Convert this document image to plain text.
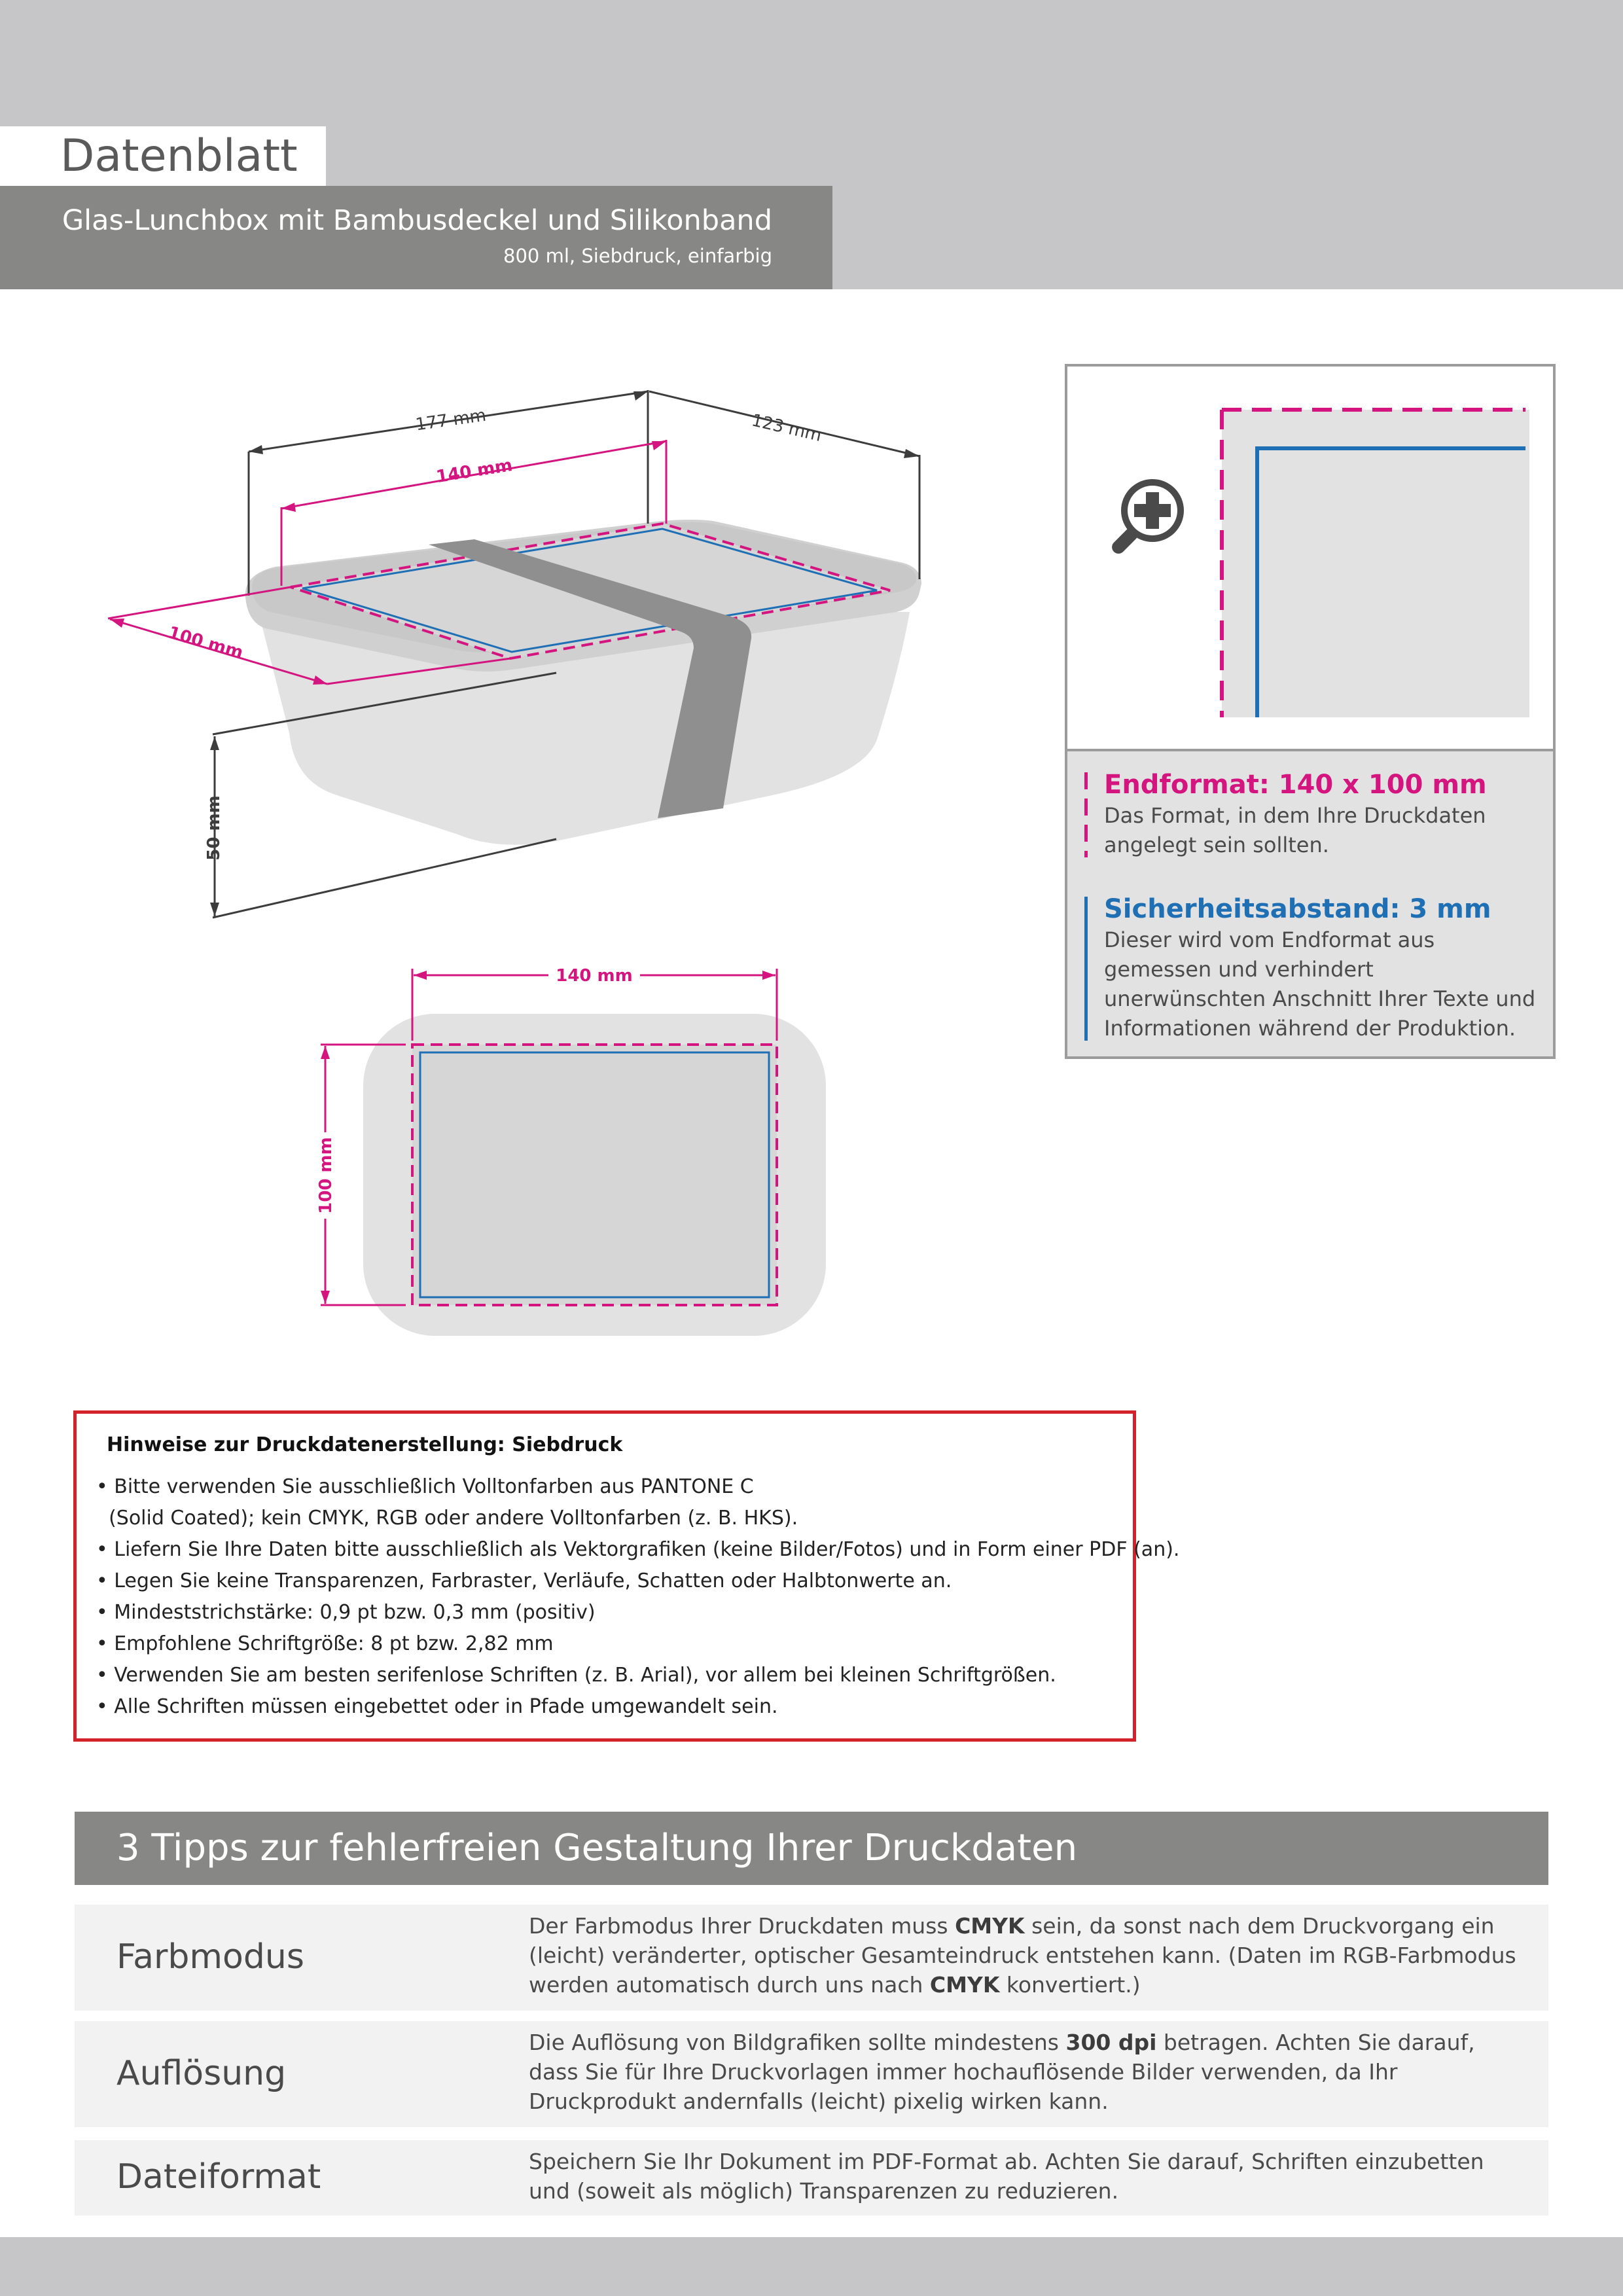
Datenblatt
Glas-Lunchbox mit Bambusdeckel und Silikonband
800 ml, Siebdruck, einfarbig
177 mm	123 mm
140 mm
100 mm
50 mm
140 mm
100 mm
Endformat: 140 x 100 mm
Das Format, in dem Ihre Druckdaten angelegt sein sollten.
Sicherheitsabstand: 3 mm
Dieser wird vom Endformat aus gemessen und verhindert unerwünschten Anschnitt Ihrer Texte und Informationen während der Produktion.
Hinweise zur Druckdatenerstellung: Siebdruck
• Bitte verwenden Sie ausschließlich Volltonfarben aus PANTONE C
(Solid Coated); kein CMYK, RGB oder andere Volltonfarben (z. B. HKS).
• Liefern Sie Ihre Daten bitte ausschließlich als Vektorgrafiken (keine Bilder/Fotos) und in Form einer PDF (an).
• Legen Sie keine Transparenzen, Farbraster, Verläufe, Schatten oder Halbtonwerte an.
• Mindeststrichstärke: 0,9 pt bzw. 0,3 mm (positiv)
• Empfohlene Schriftgröße: 8 pt bzw. 2,82 mm
• Verwenden Sie am besten serifenlose Schriften (z. B. Arial), vor allem bei kleinen Schriftgrößen.
• Alle Schriften müssen eingebettet oder in Pfade umgewandelt sein.
3 Tipps zur fehlerfreien Gestaltung Ihrer Druckdaten
Farbmodus
Der Farbmodus Ihrer Druckdaten muss CMYK sein, da sonst nach dem Druckvorgang ein (leicht) veränderter, optischer Gesamteindruck entstehen kann. (Daten im RGB-Farbmodus werden automatisch durch uns nach CMYK konvertiert.)
Auflösung
Die Auflösung von Bildgrafiken sollte mindestens 300 dpi betragen. Achten Sie darauf,
dass Sie für Ihre Druckvorlagen immer hochauflösende Bilder verwenden, da Ihr Druckprodukt andernfalls (leicht) pixelig wirken kann.
Dateiformat	Speichern Sie Ihr Dokument im PDF-Format ab. Achten Sie darauf, Schriften einzubetten und (soweit als möglich) Transparenzen zu reduzieren.
